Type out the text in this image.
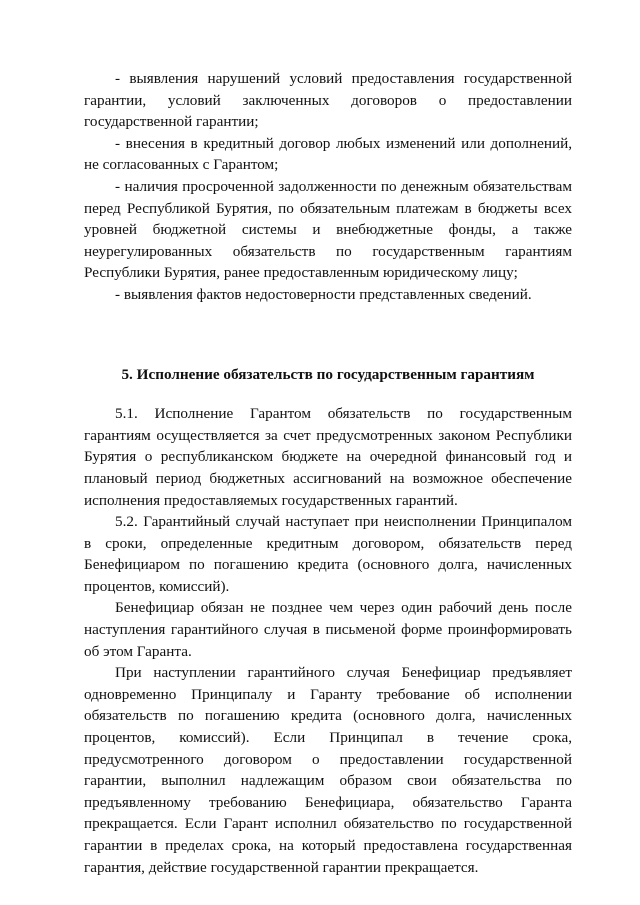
- выявления нарушений условий предоставления государственной гарантии, условий заключенных договоров о предоставлении государственной гарантии;

- внесения в кредитный договор любых изменений или дополнений, не согласованных с Гарантом;

- наличия просроченной задолженности по денежным обязательствам перед Республикой Бурятия, по обязательным платежам в бюджеты всех уровней бюджетной системы и внебюджетные фонды, а также неурегулированных обязательств по государственным гарантиям Республики Бурятия, ранее предоставленным юридическому лицу;

- выявления фактов недостоверности представленных сведений.

5. Исполнение обязательств по государственным гарантиям

5.1. Исполнение Гарантом обязательств по государственным гарантиям осуществляется за счет предусмотренных законом Республики Бурятия о республиканском бюджете на очередной финансовый год и плановый период бюджетных ассигнований на возможное обеспечение исполнения предоставляемых государственных гарантий.

5.2. Гарантийный случай наступает при неисполнении Принципалом в сроки, определенные кредитным договором, обязательств перед Бенефициаром по погашению кредита (основного долга, начисленных процентов, комиссий).

Бенефициар обязан не позднее чем через один рабочий день после наступления гарантийного случая в письменой форме проинформировать об этом Гаранта.

При наступлении гарантийного случая Бенефициар предъявляет одновременно Принципалу и Гаранту требование об исполнении обязательств по погашению кредита (основного долга, начисленных процентов, комиссий). Если Принципал в течение срока, предусмотренного договором о предоставлении государственной гарантии, выполнил надлежащим образом свои обязательства по предъявленному требованию Бенефициара, обязательство Гаранта прекращается. Если Гарант исполнил обязательство по государственной гарантии в пределах срока, на который предоставлена государственная гарантия, действие государственной гарантии прекращается.
